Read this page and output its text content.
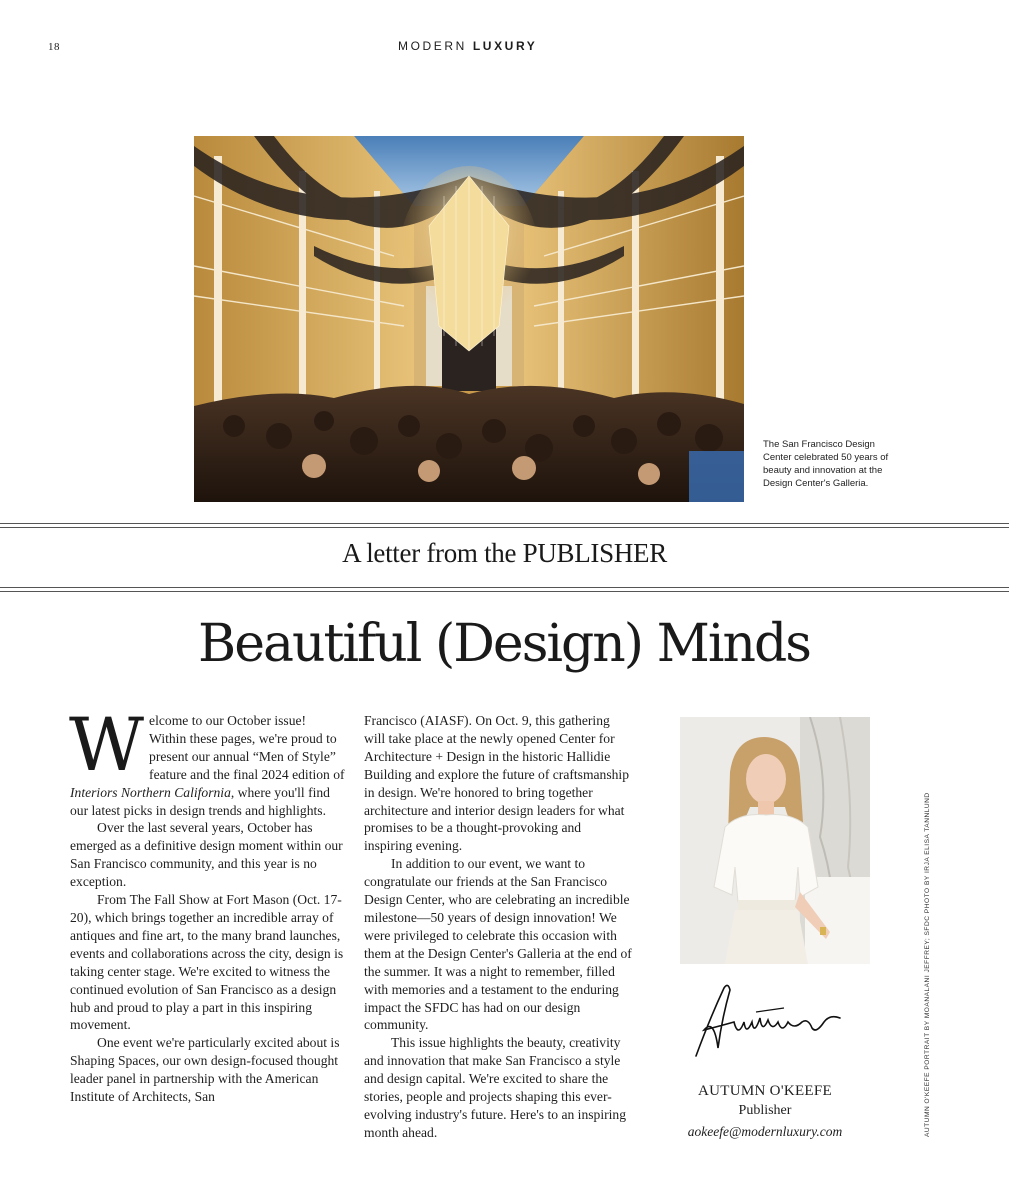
18	MODERN LUXURY
The San Francisco Design Center celebrated 50 years of beauty and innovation at the Design Center's Galleria.
A letter from the PUBLISHER
Beautiful (Design) Minds

Welcome to our October issue! Within these pages, we're proud to present our annual “Men of Style” feature and the final 2024 edition of Interiors Northern California, where you'll find our latest picks in design trends and highlights.

Over the last several years, October has emerged as a definitive design moment within our San Francisco community, and this year is no exception.

From The Fall Show at Fort Mason (Oct. 17-20), which brings together an incredible array of antiques and fine art, to the many brand launches, events and collaborations across the city, design is taking center stage. We're excited to witness the continued evolution of San Francisco as a design hub and proud to play a part in this inspiring movement.

One event we're particularly excited about is Shaping Spaces, our own design-focused thought leader panel in partnership with the American Institute of Architects, San

Francisco (AIASF). On Oct. 9, this gathering will take place at the newly opened Center for Architecture + Design in the historic Hallidie Building and explore the future of craftsmanship in design. We're honored to bring together architecture and interior design leaders for what promises to be a thought-provoking and inspiring evening.

In addition to our event, we want to congratulate our friends at the San Francisco Design Center, who are celebrating an incredible milestone—50 years of design innovation! We were privileged to celebrate this occasion with them at the Design Center's Galleria at the end of the summer. It was a night to remember, filled with memories and a testament to the enduring impact the SFDC has had on our design community.

This issue highlights the beauty, creativity and innovation that make San Francisco a style and design capital. We're excited to share the stories, people and projects shaping this ever-evolving industry's future. Here's to an inspiring month ahead.	AUTUMN O'KEEFE PORTRAIT BY MOANALANI JEFFREY; SFDC PHOTO BY IRJA ELISA TANNLUND
Autumn
AUTUMN O'KEEFE
Publisher
aokeefe@modernluxury.com
